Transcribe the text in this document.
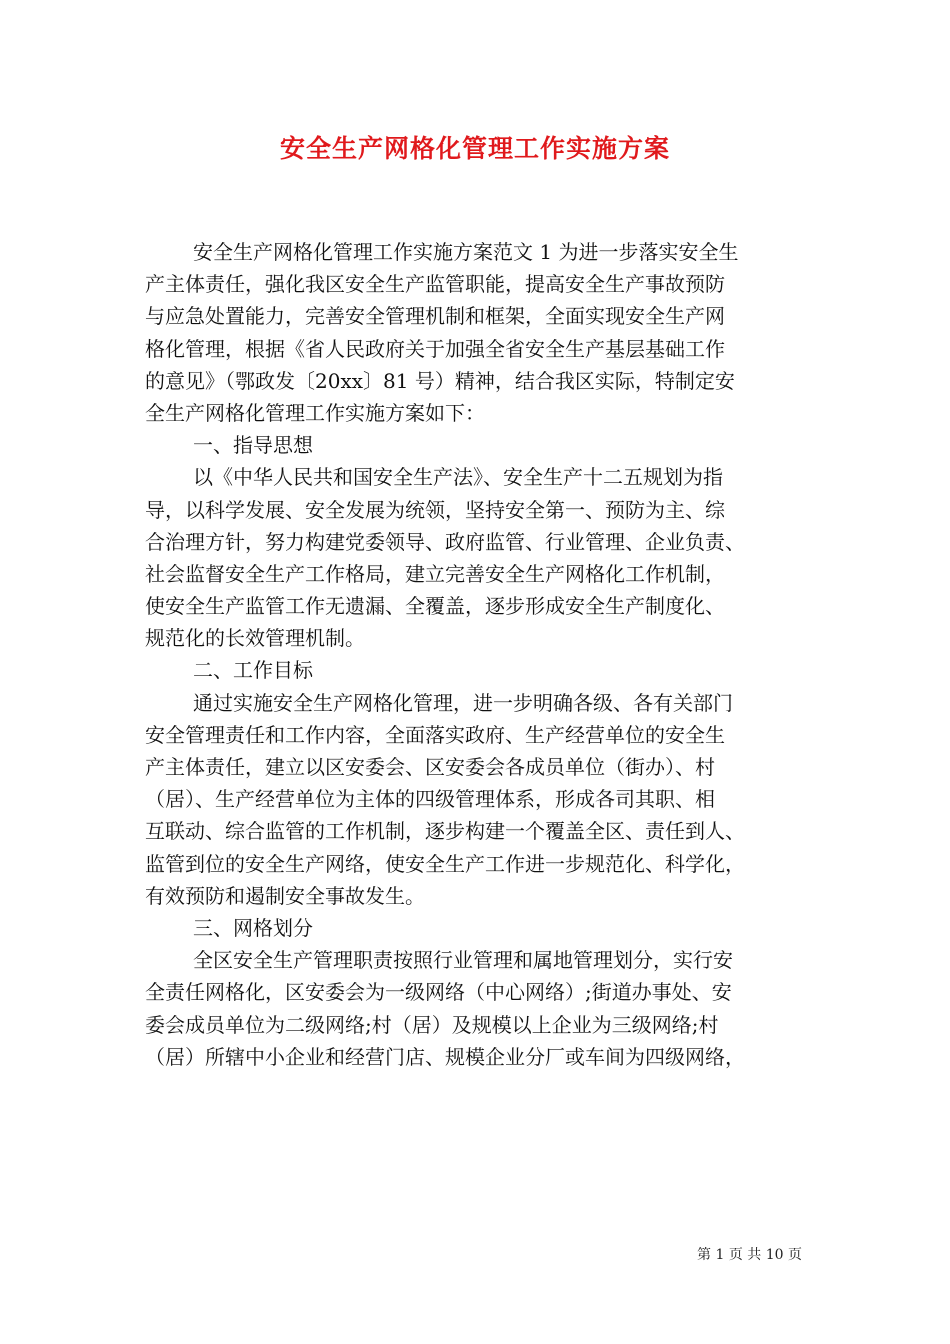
安全生产网格化管理工作实施方案
安全生产网格化管理工作实施方案范文 1 为进一步落实安全生
产主体责任，强化我区安全生产监管职能，提高安全生产事故预防
与应急处置能力，完善安全管理机制和框架，全面实现安全生产网
格化管理，根据《省人民政府关于加强全省安全生产基层基础工作
的意见》（鄂政发〔20xx〕81 号）精神，结合我区实际，特制定安
全生产网格化管理工作实施方案如下：
一、指导思想
以《中华人民共和国安全生产法》、安全生产十二五规划为指
导，以科学发展、安全发展为统领，坚持安全第一、预防为主、综
合治理方针，努力构建党委领导、政府监管、行业管理、企业负责、
社会监督安全生产工作格局，建立完善安全生产网格化工作机制，
使安全生产监管工作无遗漏、全覆盖，逐步形成安全生产制度化、
规范化的长效管理机制。
二、工作目标
通过实施安全生产网格化管理，进一步明确各级、各有关部门
安全管理责任和工作内容，全面落实政府、生产经营单位的安全生
产主体责任，建立以区安委会、区安委会各成员单位（街办）、村
（居）、生产经营单位为主体的四级管理体系，形成各司其职、相
互联动、综合监管的工作机制，逐步构建一个覆盖全区、责任到人、
监管到位的安全生产网络，使安全生产工作进一步规范化、科学化，
有效预防和遏制安全事故发生。
三、网格划分
全区安全生产管理职责按照行业管理和属地管理划分，实行安
全责任网格化，区安委会为一级网络（中心网络）;街道办事处、安
委会成员单位为二级网络;村（居）及规模以上企业为三级网络;村
（居）所辖中小企业和经营门店、规模企业分厂或车间为四级网络，
第 1 页 共 10 页
